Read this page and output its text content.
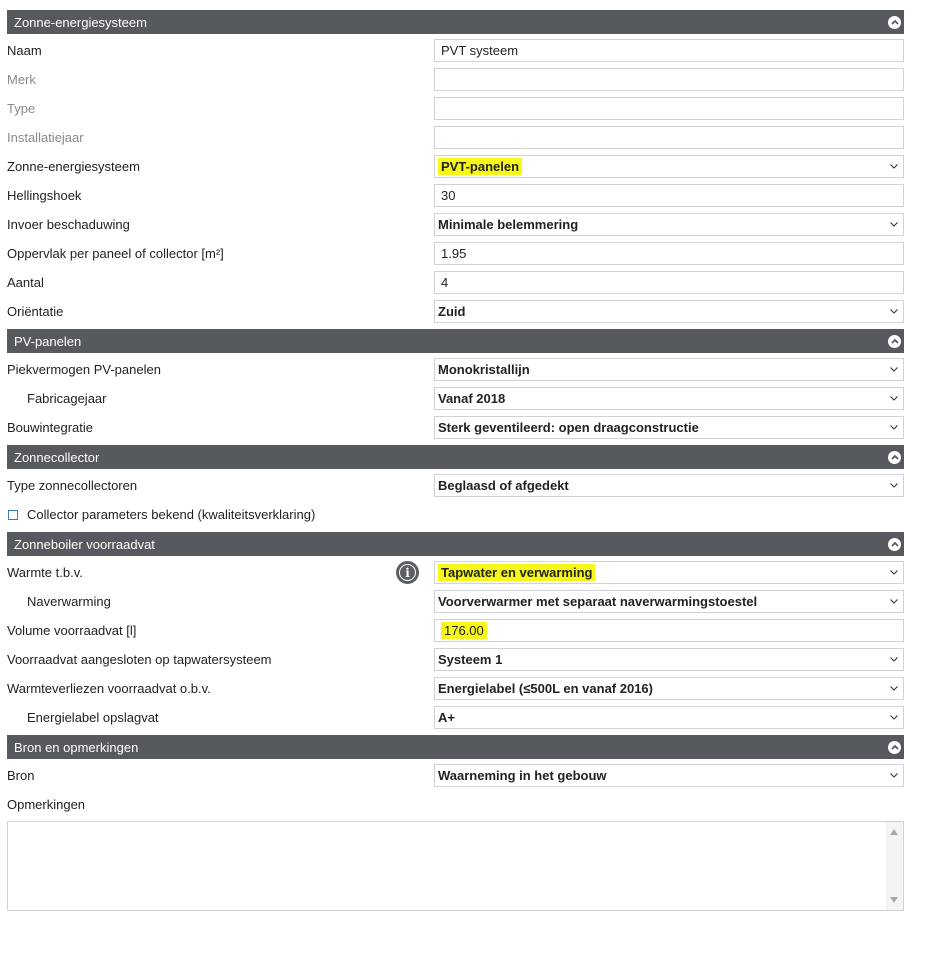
Zonne-energiesysteem
Naam	PVT systeem
Merk
Type
Installatiejaar
Zonne-energiesysteem	PVT-panelen
Hellingshoek	30
Invoer beschaduwing	Minimale belemmering
Oppervlak per paneel of collector [m²]	1.95
Aantal	4
Oriëntatie	Zuid
PV-panelen
Piekvermogen PV-panelen	Monokristallijn
Fabricagejaar	Vanaf 2018
Bouwintegratie	Sterk geventileerd: open draagconstructie
Zonnecollector
Type zonnecollectoren	Beglaasd of afgedekt
Collector parameters bekend (kwaliteitsverklaring)
Zonneboiler voorraadvat
Warmte t.b.v.	i	Tapwater en verwarming
Naverwarming	Voorverwarmer met separaat naverwarmingstoestel
Volume voorraadvat [l]	176.00
Voorraadvat aangesloten op tapwatersysteem	Systeem 1
Warmteverliezen voorraadvat o.b.v.	Energielabel (≤500L en vanaf 2016)
Energielabel opslagvat	A+
Bron en opmerkingen
Bron	Waarneming in het gebouw
Opmerkingen
